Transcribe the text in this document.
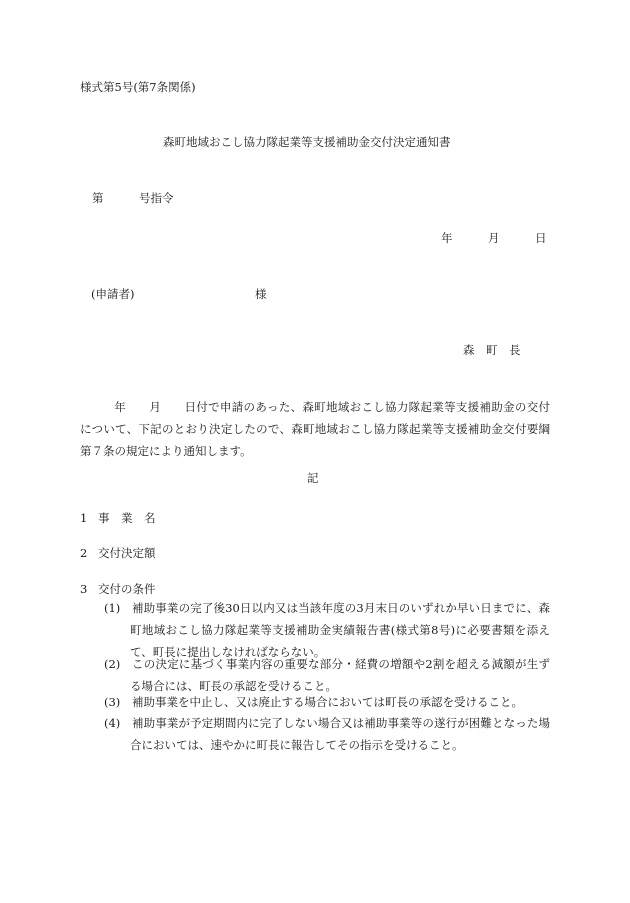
様式第5号(第7条関係)
森町地域おこし協力隊起業等支援補助金交付決定通知書
第	号指令
年	月	日
(申請者)	様
森　町　長
年 月 日付で申請のあった、森町地域おこし協力隊起業等支援補助金の交付について、下記のとおり決定したので、森町地域おこし協力隊起業等支援補助金交付要綱第７条の規定により通知します。
記
1 事　業　名
2 交付決定額
3 交付の条件
(1)	補助事業の完了後30日以内又は当該年度の3月末日のいずれか早い日までに、森町地域おこし協力隊起業等支援補助金実績報告書(様式第8号)に必要書類を添えて、町長に提出しなければならない。
(2)	この決定に基づく事業内容の重要な部分・経費の増額や2割を超える減額が生ずる場合には、町長の承認を受けること。
(3)	補助事業を中止し、又は廃止する場合においては町長の承認を受けること。
(4)	補助事業が予定期間内に完了しない場合又は補助事業等の遂行が困難となった場合においては、速やかに町長に報告してその指示を受けること。
